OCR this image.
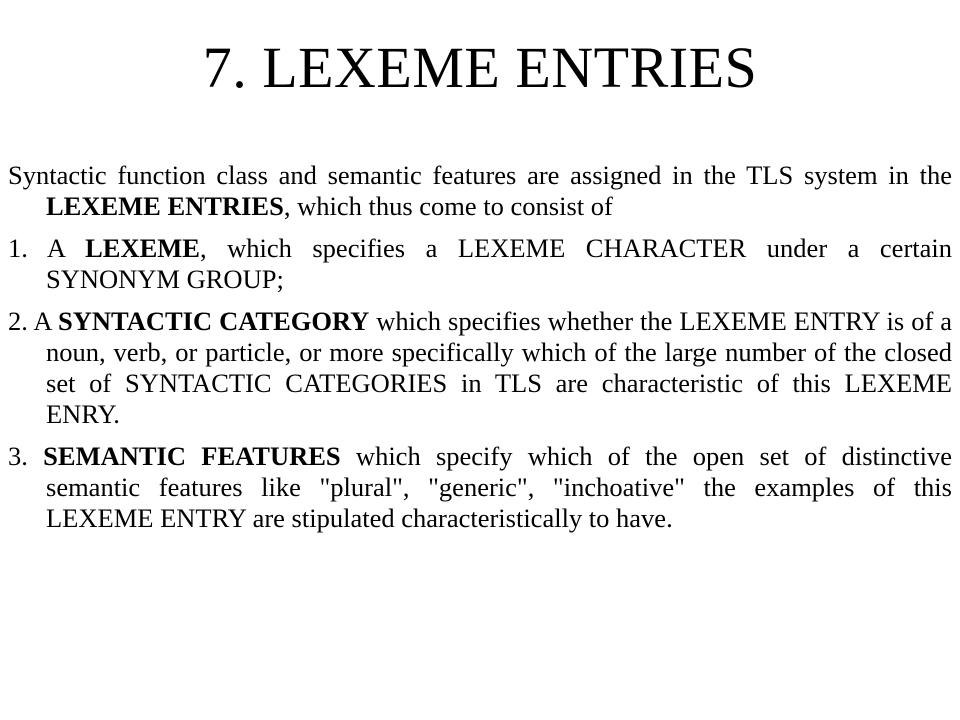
7. LEXEME ENTRIES

Syntactic function class and semantic features are assigned in the TLS system in the LEXEME ENTRIES, which thus come to consist of

1. A LEXEME, which specifies a LEXEME CHARACTER under a certain SYNONYM GROUP;

2. A SYNTACTIC CATEGORY which specifies whether the LEXEME ENTRY is of a noun, verb, or particle, or more specifically which of the large number of the closed set of SYNTACTIC CATEGORIES in TLS are characteristic of this LEXEME ENRY.

3. SEMANTIC FEATURES which specify which of the open set of distinctive semantic features like "plural", "generic", "inchoative" the examples of this LEXEME ENTRY are stipulated characteristically to have.
